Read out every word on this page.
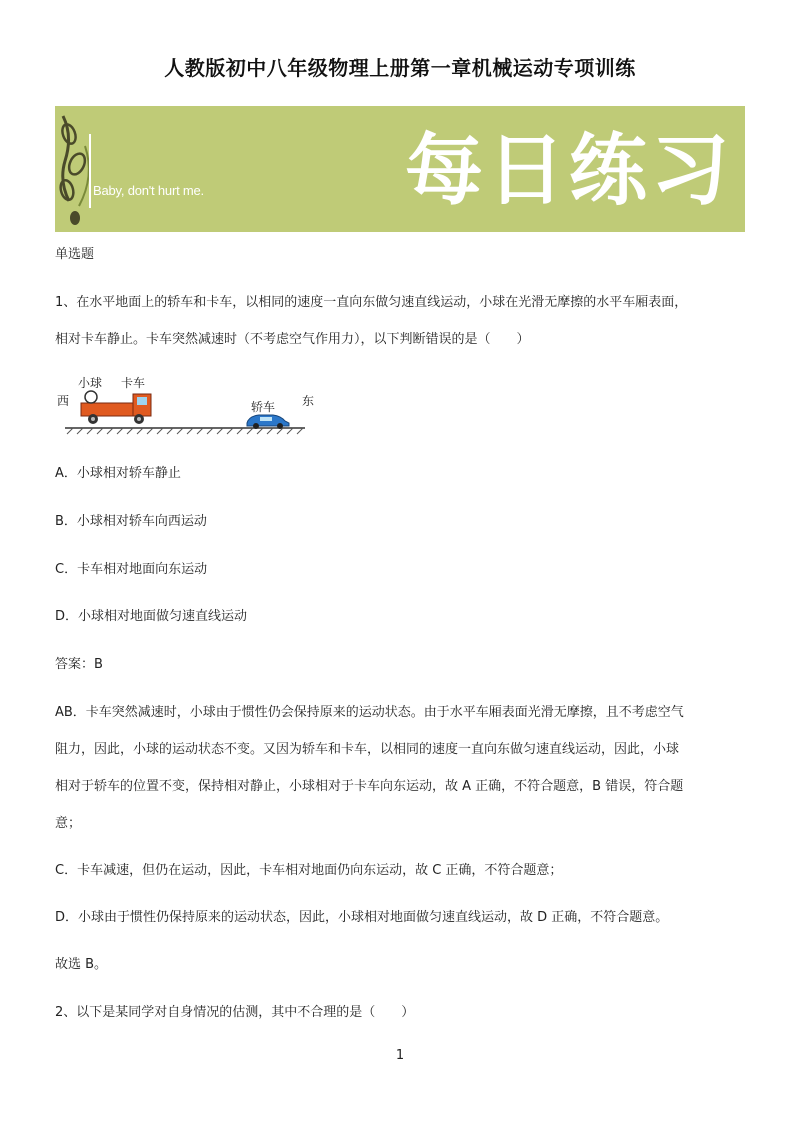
人教版初中八年级物理上册第一章机械运动专项训练
Baby, don't hurt me.	每日练习
单选题
1、在水平地面上的轿车和卡车，以相同的速度一直向东做匀速直线运动，小球在光滑无摩擦的水平车厢表面，
相对卡车静止。卡车突然减速时（不考虑空气作用力），以下判断错误的是（　　）
西
小球 卡车
轿车 东
A．小球相对轿车静止
B．小球相对轿车向西运动
C．卡车相对地面向东运动
D．小球相对地面做匀速直线运动
答案：B
AB．卡车突然减速时，小球由于惯性仍会保持原来的运动状态。由于水平车厢表面光滑无摩擦，且不考虑空气
阻力，因此，小球的运动状态不变。又因为轿车和卡车，以相同的速度一直向东做匀速直线运动，因此，小球
相对于轿车的位置不变，保持相对静止，小球相对于卡车向东运动，故 A 正确，不符合题意，B 错误，符合题
意；
C．卡车减速，但仍在运动，因此，卡车相对地面仍向东运动，故 C 正确，不符合题意；
D．小球由于惯性仍保持原来的运动状态，因此，小球相对地面做匀速直线运动，故 D 正确，不符合题意。
故选 B。
2、以下是某同学对自身情况的估测，其中不合理的是（　　）
1
